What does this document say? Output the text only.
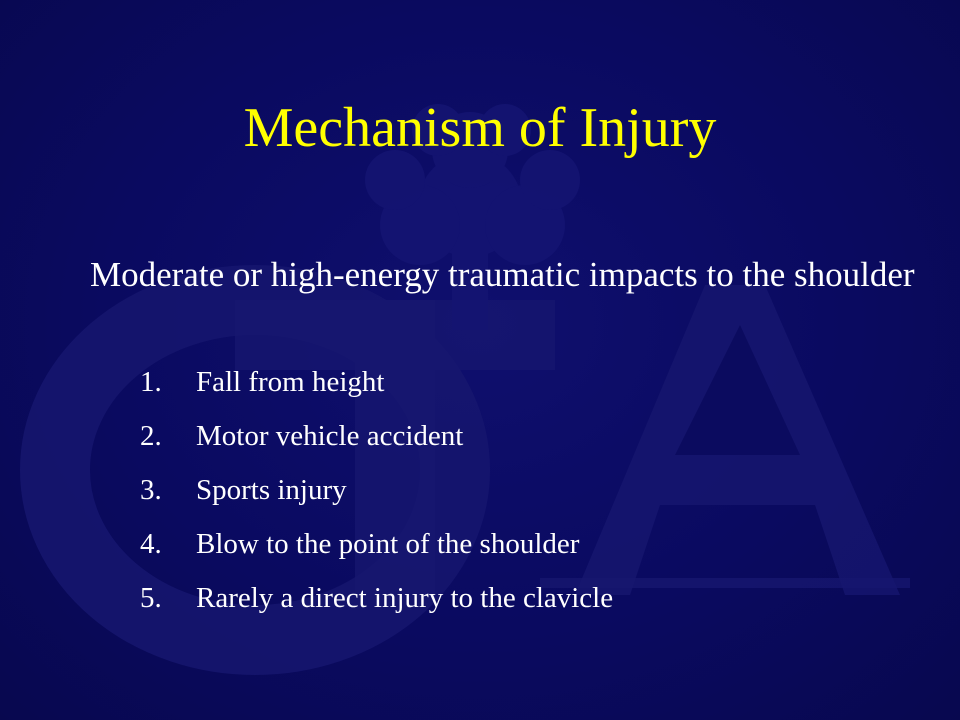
Mechanism of Injury
Moderate or high-energy traumatic impacts to the shoulder
1. Fall from height
2. Motor vehicle accident
3. Sports injury
4. Blow to the point of the shoulder
5. Rarely a direct injury to the clavicle
